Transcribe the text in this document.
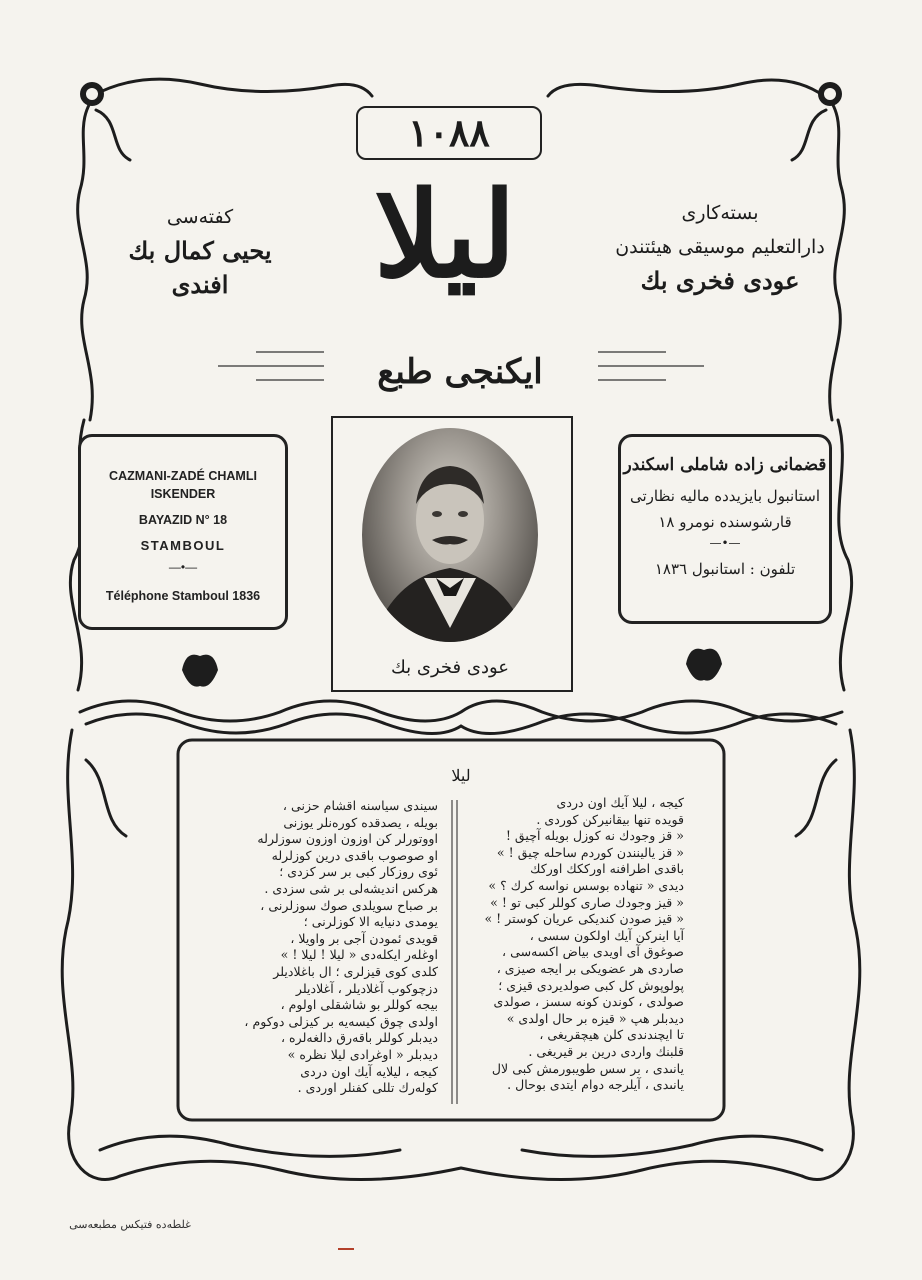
١٠٨٨
ليلا
ايكنجى طبع
كفتەسى
يحيى كمال بك افندى
بستەكارى
دارالتعليم موسيقى هيئتندن
عودى فخرى بك
CAZMANI-ZADÉ CHAMLI ISKENDER
BAYAZID N° 18
STAMBOUL
—•—
Téléphone Stamboul 1836
قضمانى زادە شاملى اسكندر
استانبول بايزيدده ماليه نظارتى
قارشوسنده نومرو ١٨
—•—
تلفون : استانبول ١٨٣٦
عودى فخرى بك
ليلا
كيجه ، ليلا آيك اون دردى
قويده تنها بيقانيركن كوردى .
« قز وجودك نه كوزل بويله آچيق !
« قز يالينندن كوردم ساحله چيق ! »
باقدى اطرافنه اورككك اوركك
ديدى « تنهاده بوسس نواسه كرك ؟ »
« قيز وجودك صارى كوللر كبى تو ! »
« قيز صودن كنديكى عريان كوستر ! »
آيا اينركن آيك اولكون سسى ،
صوغوق آى اويدى بياض اكسەسى ،
صاردى هر عضويكى بر ايجه صيزى ،
پولوپوش كل كبى صولديردى قيزى ؛
صولدى ، كوندن كونه سسز ، صولدى
ديدبلر هپ « قيزه بر حال اولدى »
تا ايچندندى كلن هيچقريغى ،
قلبنك واردى درين بر قيريغى .
يانىدى ، بر سس طويبورمش كبى لال
يانىدى ، آيلرجه دوام ايتدى بوحال .
سيندى سياسنه اقشام حزنى ،
بويله ، يصدقده كورەنلر يوزنى
اووتورلر كن اوزون اوزون سوزلرله
او صوصوب باقدى درين كوزلرله
ئوى روزكار كبى بر سر كزدى ؛
هركس انديشەلى بر شى سزدى .
بر صباح سويلدى صوك سوزلرنى ،
يومدى دنيايه الا كوزلرنى ؛
قويدى ئمودن آجى بر واويلا ،
اوغلەر ايكلەدى « ليلا ! ليلا ! »
كلدى كوى قيزلرى ؛ ال باغلاديلر
دزچوكوب آغلاديلر ، آغلاديلر
بيجه كوللر بو شاشقلى اولوم ،
اولدى چوق كيسەيه بر كيزلى دوكوم ،
ديدبلر كوللر باقەرق دالغەلره ،
ديدبلر « اوغرادى ليلا نظره »
كيجه ، ليلايه آيك اون دردى
كولەرك تللى كفنلر اوردى .
غلطەدە فتيكس مطبعەسى
